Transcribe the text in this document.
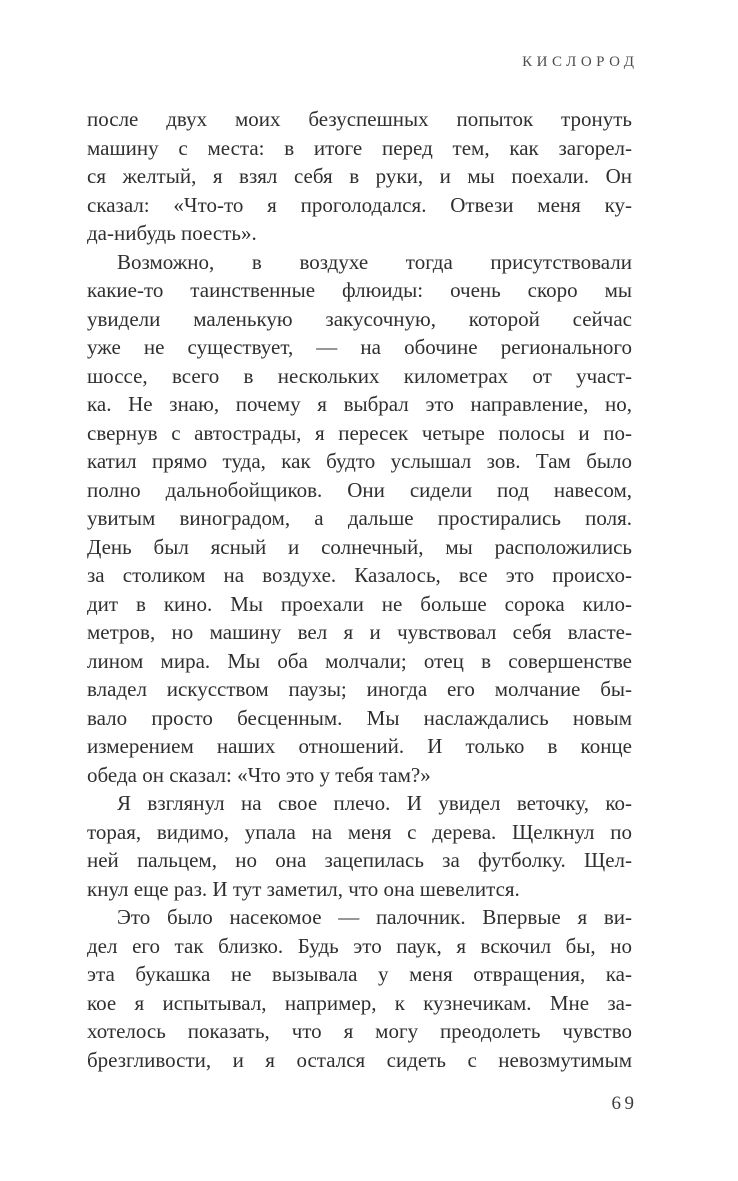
КИСЛОРОД
после двух моих безуспешных попыток тронуть
машину с места: в итоге перед тем, как загорел-
ся желтый, я взял себя в руки, и мы поехали. Он
сказал: «Что-то я проголодался. Отвези меня ку-
да-нибудь поесть».
Возможно, в воздухе тогда присутствовали
какие-то таинственные флюиды: очень скоро мы
увидели маленькую закусочную, которой сейчас
уже не существует, — на обочине регионального
шоссе, всего в нескольких километрах от участ-
ка. Не знаю, почему я выбрал это направление, но,
свернув с автострады, я пересек четыре полосы и по-
катил прямо туда, как будто услышал зов. Там было
полно дальнобойщиков. Они сидели под навесом,
увитым виноградом, а дальше простирались поля.
День был ясный и солнечный, мы расположились
за столиком на воздухе. Казалось, все это происхо-
дит в кино. Мы проехали не больше сорока кило-
метров, но машину вел я и чувствовал себя власте-
лином мира. Мы оба молчали; отец в совершенстве
владел искусством паузы; иногда его молчание бы-
вало просто бесценным. Мы наслаждались новым
измерением наших отношений. И только в конце
обеда он сказал: «Что это у тебя там?»
Я взглянул на свое плечо. И увидел веточку, ко-
торая, видимо, упала на меня с дерева. Щелкнул по
ней пальцем, но она зацепилась за футболку. Щел-
кнул еще раз. И тут заметил, что она шевелится.
Это было насекомое — палочник. Впервые я ви-
дел его так близко. Будь это паук, я вскочил бы, но
эта букашка не вызывала у меня отвращения, ка-
кое я испытывал, например, к кузнечикам. Мне за-
хотелось показать, что я могу преодолеть чувство
брезгливости, и я остался сидеть с невозмутимым
69
